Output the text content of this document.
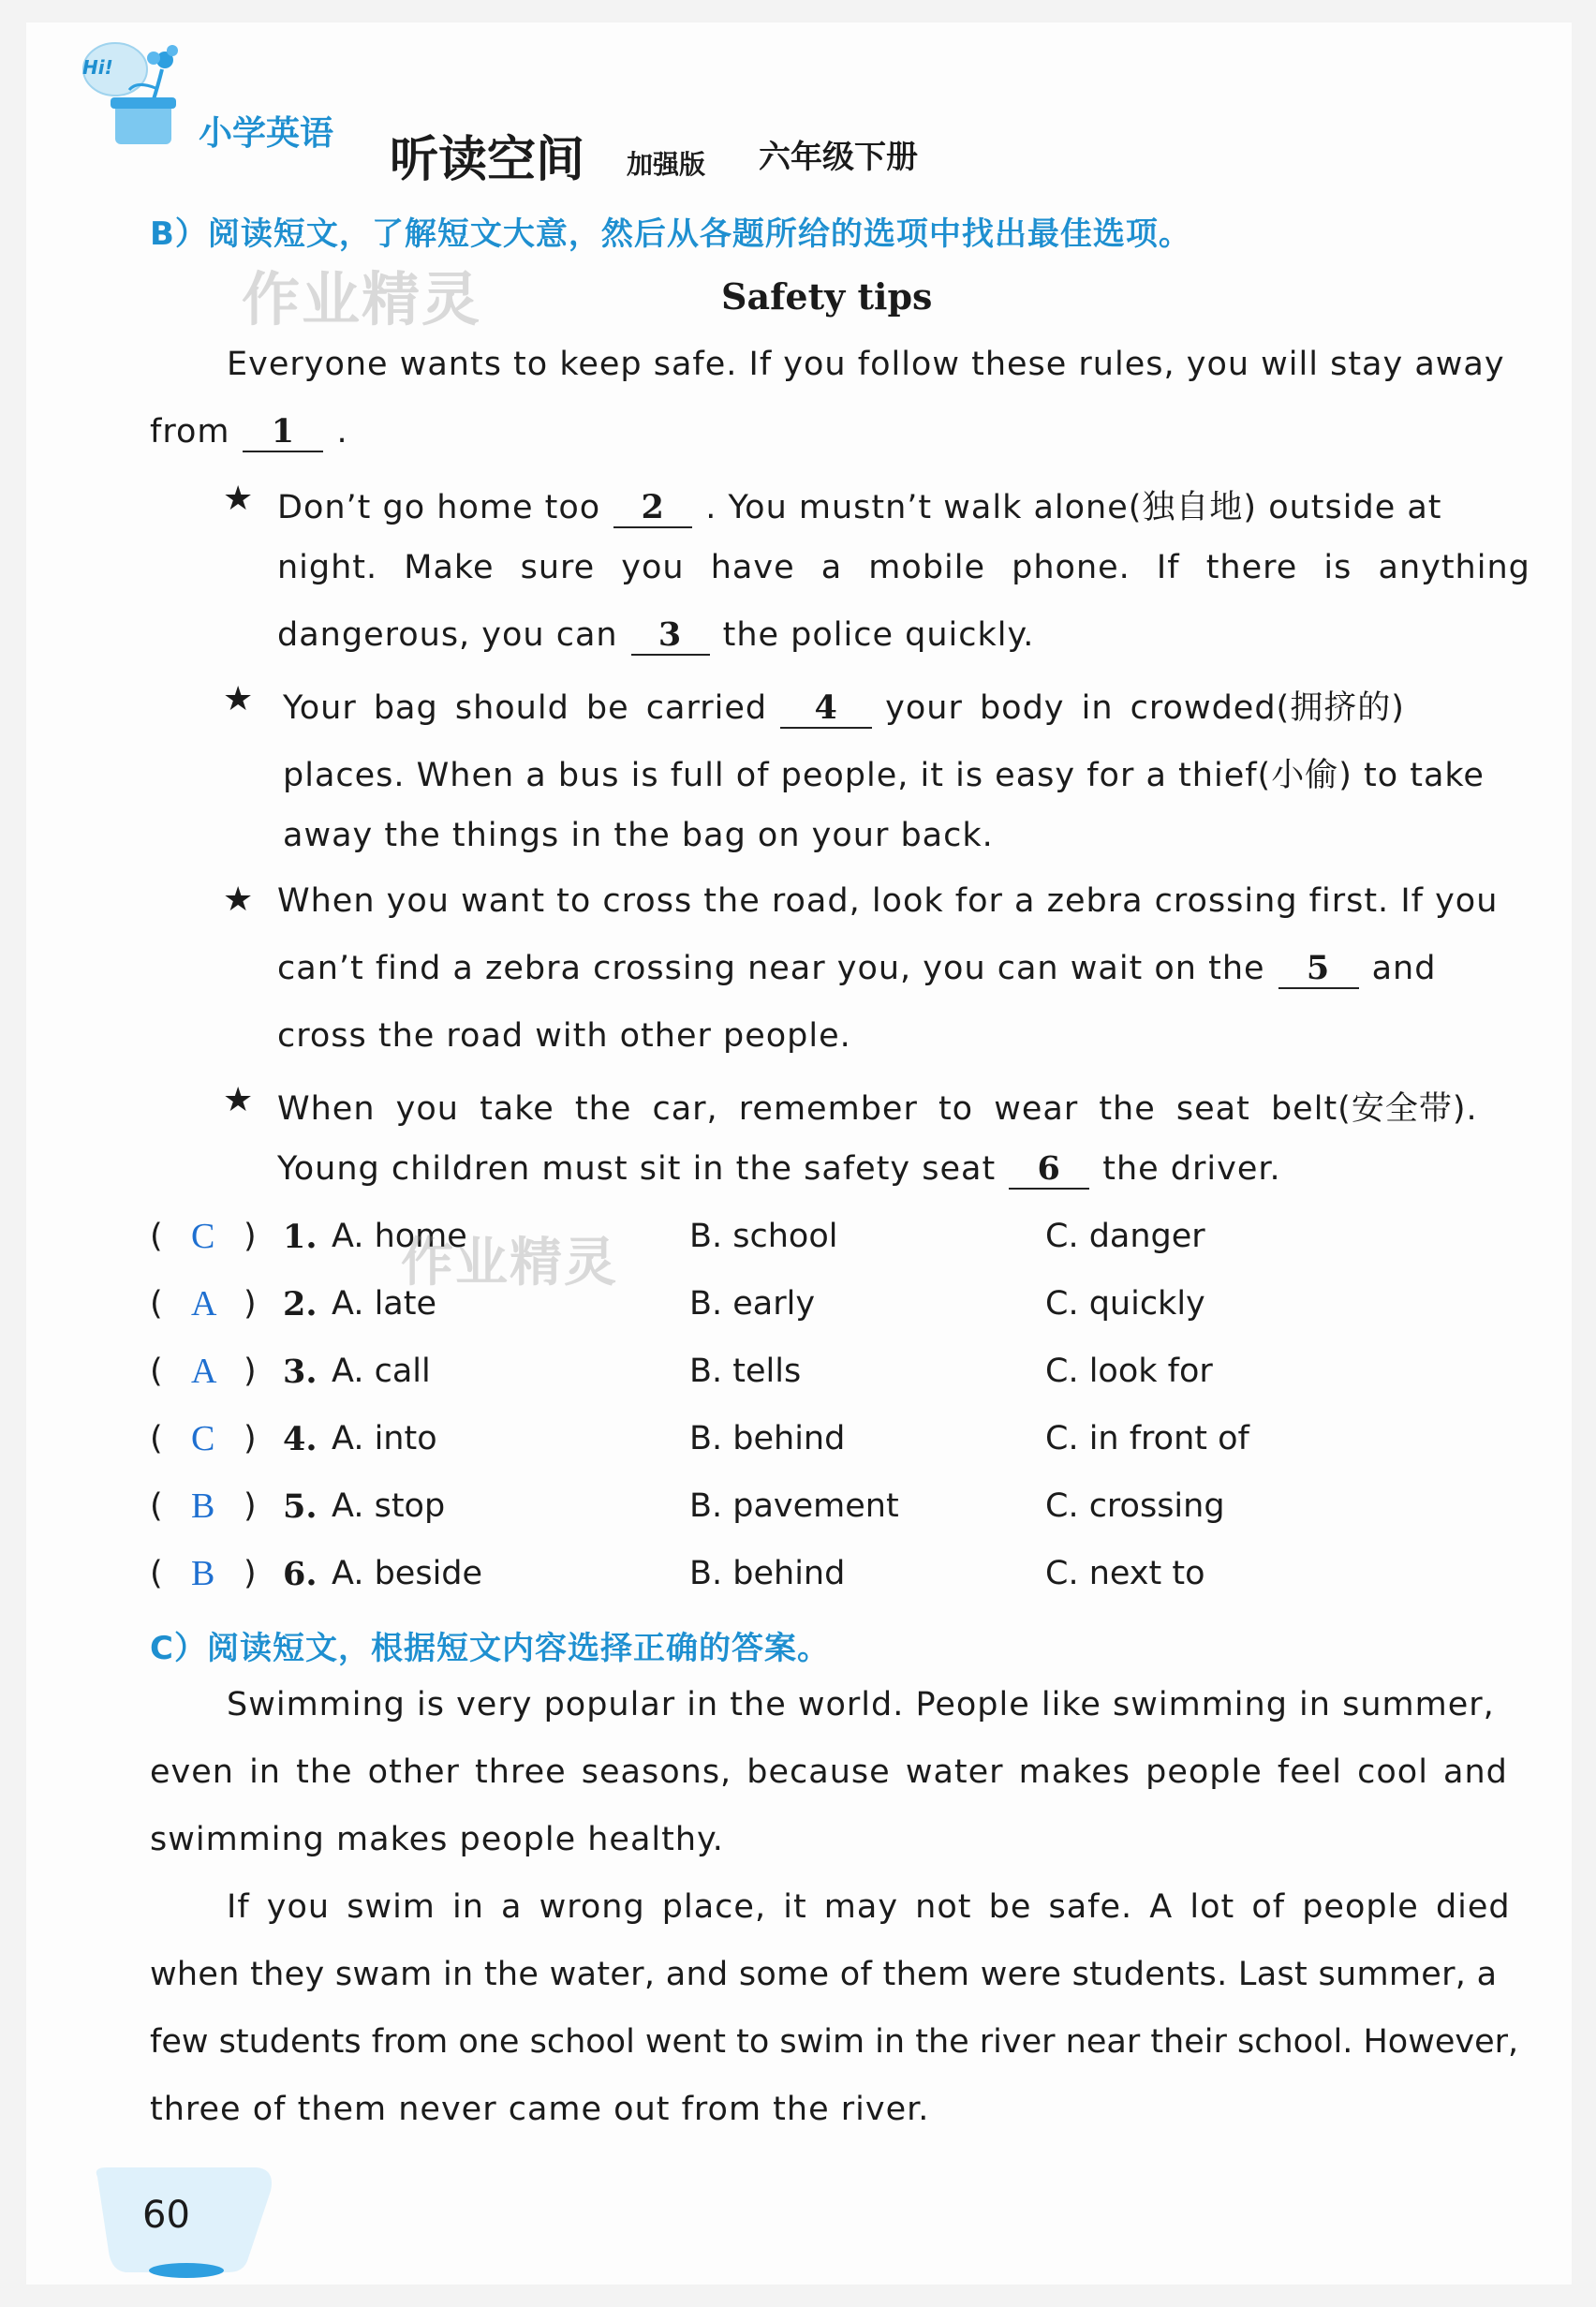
Hi!
小学英语 听读空间 加强版 六年级下册
B）阅读短文，了解短文大意，然后从各题所给的选项中找出最佳选项。
Safety tips
Everyone wants to keep safe. If you follow these rules, you will stay away
from 1 .
★ Don’t go home too 2 . You mustn’t walk alone(独自地) outside at
night. Make sure you have a mobile phone. If there is anything
dangerous, you can 3 the police quickly.
★ Your bag should be carried 4 your body in crowded(拥挤的)
places. When a bus is full of people, it is easy for a thief(小偷) to take
away the things in the bag on your back.
★ When you want to cross the road, look for a zebra crossing first. If you
can’t find a zebra crossing near you, you can wait on the 5 and
cross the road with other people.
★ When you take the car, remember to wear the seat belt(安全带).
Young children must sit in the safety seat 6 the driver.
( C ) 1. A. home	B. school	C. danger
( A ) 2. A. late	B. early	C. quickly
( A ) 3. A. call	B. tells	C. look for
( C ) 4. A. into	B. behind	C. in front of
( B ) 5. A. stop	B. pavement	C. crossing
( B ) 6. A. beside	B. behind	C. next to
C）阅读短文，根据短文内容选择正确的答案。
Swimming is very popular in the world. People like swimming in summer,
even in the other three seasons, because water makes people feel cool and
swimming makes people healthy.
If you swim in a wrong place, it may not be safe. A lot of people died
when they swam in the water, and some of them were students. Last summer, a
few students from one school went to swim in the river near their school. However,
three of them never came out from the river.
作业精灵
作业精灵
60
